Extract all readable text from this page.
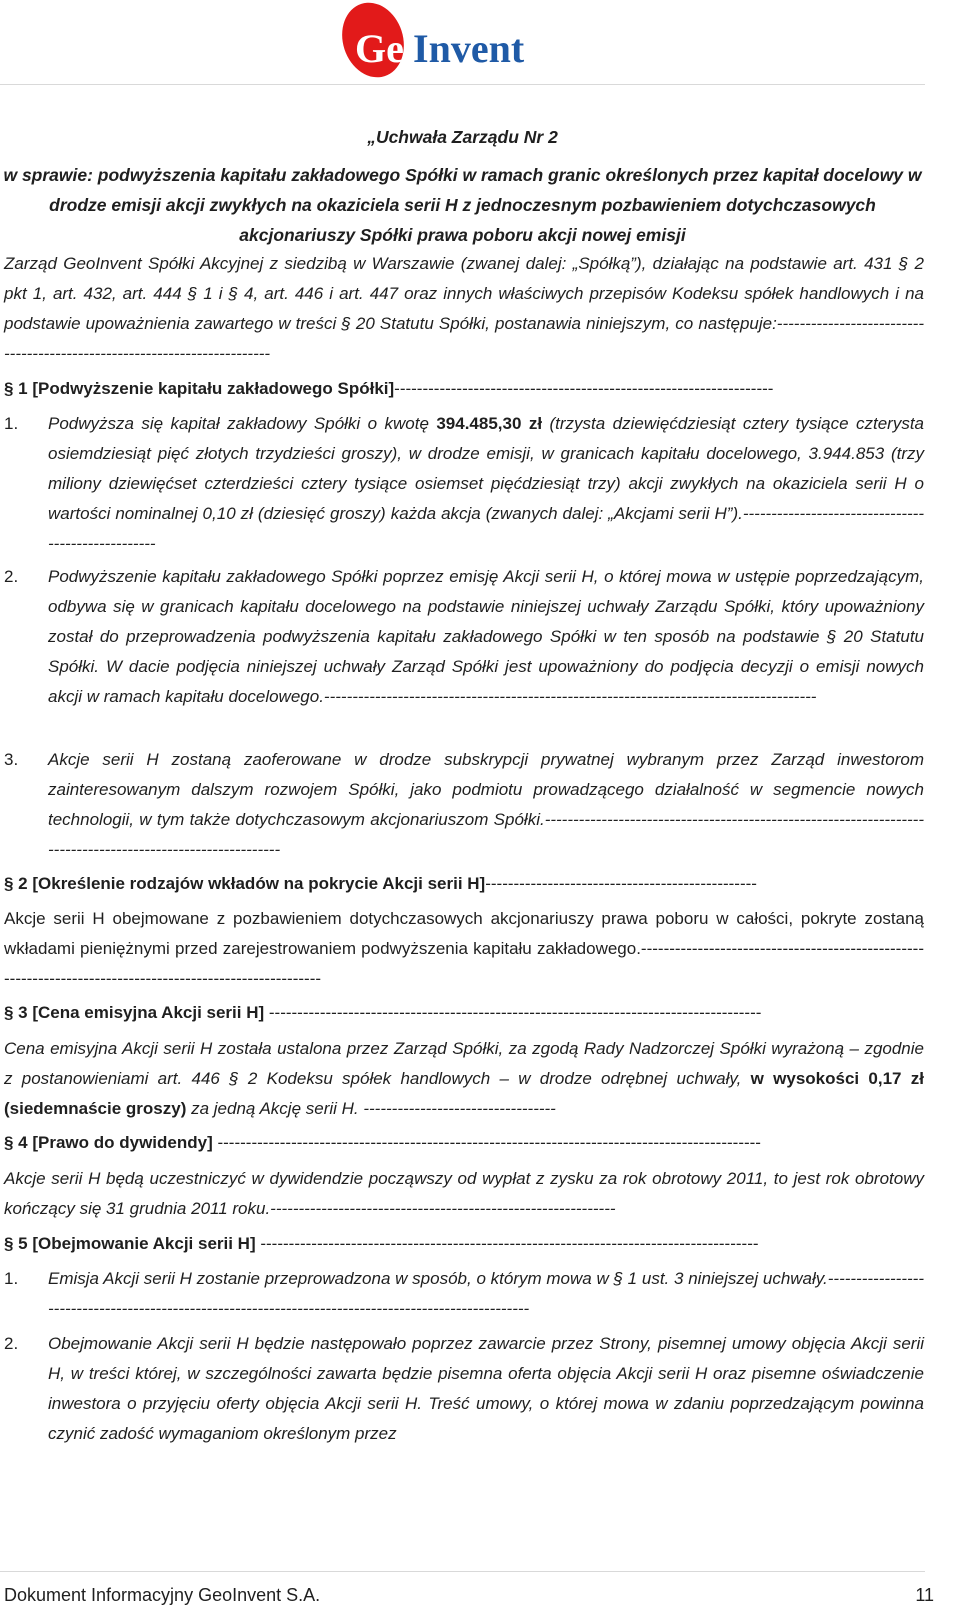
Ge Invent
„Uchwała Zarządu Nr 2
w sprawie: podwyższenia kapitału zakładowego Spółki w ramach granic określonych przez kapitał docelowy w drodze emisji akcji zwykłych na okaziciela serii H z jednoczesnym pozbawieniem dotychczasowych akcjonariuszy Spółki prawa poboru akcji nowej emisji
Zarząd GeoInvent Spółki Akcyjnej z siedzibą w Warszawie (zwanej dalej: „Spółką”), działając na podstawie art. 431 § 2 pkt 1, art. 432, art. 444 § 1 i § 4, art. 446 i art. 447 oraz innych właściwych przepisów Kodeksu spółek handlowych i na podstawie upoważnienia zawartego w treści § 20 Statutu Spółki, postanawia niniejszym, co następuje:-------------------------------------------------------------------------
§ 1 [Podwyższenie kapitału zakładowego Spółki]-------------------------------------------------------------------
1. Podwyższa się kapitał zakładowy Spółki o kwotę 394.485,30 zł (trzysta dziewięćdziesiąt cztery tysiące czterysta osiemdziesiąt pięć złotych trzydzieści groszy), w drodze emisji, w granicach kapitału docelowego, 3.944.853 (trzy miliony dziewięćset czterdzieści cztery tysiące osiemset pięćdziesiąt trzy) akcji zwykłych na okaziciela serii H o wartości nominalnej 0,10 zł (dziesięć groszy) każda akcja (zwanych dalej: „Akcjami serii H”).---------------------------------------------------
2. Podwyższenie kapitału zakładowego Spółki poprzez emisję Akcji serii H, o której mowa w ustępie poprzedzającym, odbywa się w granicach kapitału docelowego na podstawie niniejszej uchwały Zarządu Spółki, który upoważniony został do przeprowadzenia podwyższenia kapitału zakładowego Spółki w ten sposób na podstawie § 20 Statutu Spółki. W dacie podjęcia niniejszej uchwały Zarząd Spółki jest upoważniony do podjęcia decyzji o emisji nowych akcji w ramach kapitału docelowego.---------------------------------------------------------------------------------------
3. Akcje serii H zostaną zaoferowane w drodze subskrypcji prywatnej wybranym przez Zarząd inwestorom zainteresowanym dalszym rozwojem Spółki, jako podmiotu prowadzącego działalność w segmencie nowych technologii, w tym także dotychczasowym akcjonariuszom Spółki.------------------------------------------------------------------------------------------------------------
§ 2 [Określenie rodzajów wkładów na pokrycie Akcji serii H]------------------------------------------------
Akcje serii H obejmowane z pozbawieniem dotychczasowych akcjonariuszy prawa poboru w całości, pokryte zostaną wkładami pieniężnymi przed zarejestrowaniem podwyższenia kapitału zakładowego.----------------------------------------------------------------------------------------------------------
§ 3 [Cena emisyjna Akcji serii H] ---------------------------------------------------------------------------------------
Cena emisyjna Akcji serii H została ustalona przez Zarząd Spółki, za zgodą Rady Nadzorczej Spółki wyrażoną – zgodnie z postanowieniami art. 446 § 2 Kodeksu spółek handlowych – w drodze odrębnej uchwały, w wysokości 0,17 zł (siedemnaście groszy) za jedną Akcję serii H. ----------------------------------
§ 4 [Prawo do dywidendy] ------------------------------------------------------------------------------------------------
Akcje serii H będą uczestniczyć w dywidendzie począwszy od wypłat z zysku za rok obrotowy 2011, to jest rok obrotowy kończący się 31 grudnia 2011 roku.-------------------------------------------------------------
§ 5 [Obejmowanie Akcji serii H] ----------------------------------------------------------------------------------------
1. Emisja Akcji serii H zostanie przeprowadzona w sposób, o którym mowa w § 1 ust. 3 niniejszej uchwały.------------------------------------------------------------------------------------------------------
2. Obejmowanie Akcji serii H będzie następowało poprzez zawarcie przez Strony, pisemnej umowy objęcia Akcji serii H, w treści której, w szczególności zawarta będzie pisemna oferta objęcia Akcji serii H oraz pisemne oświadczenie inwestora o przyjęciu oferty objęcia Akcji serii H. Treść umowy, o której mowa w zdaniu poprzedzającym powinna czynić zadość wymaganiom określonym przez
Dokument Informacyjny GeoInvent S.A.	11
